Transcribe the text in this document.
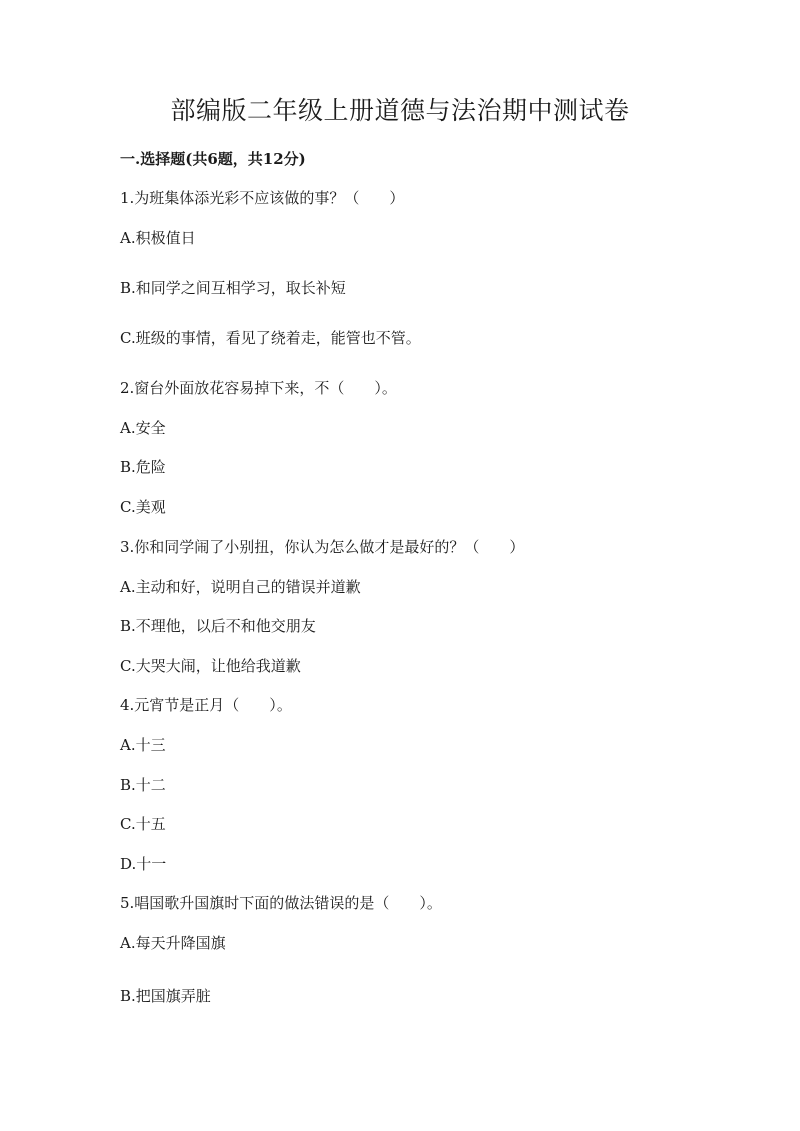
部编版二年级上册道德与法治期中测试卷
一.选择题(共6题，共12分)
1.为班集体添光彩不应该做的事？（　　）
A.积极值日
B.和同学之间互相学习，取长补短
C.班级的事情，看见了绕着走，能管也不管。
2.窗台外面放花容易掉下来，不（　　）。
A.安全
B.危险
C.美观
3.你和同学闹了小别扭，你认为怎么做才是最好的？（　　）
A.主动和好，说明自己的错误并道歉
B.不理他，以后不和他交朋友
C.大哭大闹，让他给我道歉
4.元宵节是正月（　　）。
A.十三
B.十二
C.十五
D.十一
5.唱国歌升国旗时下面的做法错误的是（　　）。
A.每天升降国旗
B.把国旗弄脏
